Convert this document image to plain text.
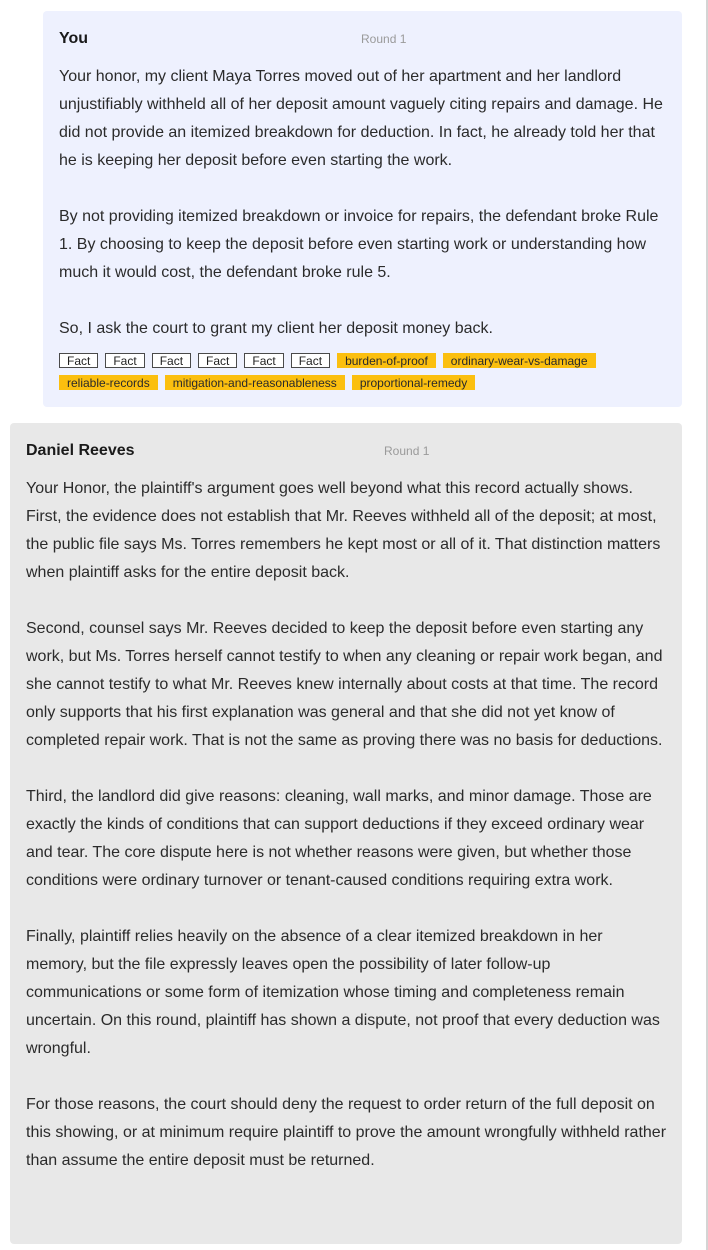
You	Round 1

Your honor, my client Maya Torres moved out of her apartment and her landlord unjustifiably withheld all of her deposit amount vaguely citing repairs and damage. He did not provide an itemized breakdown for deduction. In fact, he already told her that he is keeping her deposit before even starting the work.

By not providing itemized breakdown or invoice for repairs, the defendant broke Rule 1. By choosing to keep the deposit before even starting work or understanding how much it would cost, the defendant broke rule 5.

So, I ask the court to grant my client her deposit money back.

Fact	Fact	Fact	Fact	Fact	Fact	burden-of-proof	ordinary-wear-vs-damage
reliable-records	mitigation-and-reasonableness	proportional-remedy
Daniel Reeves	Round 1

Your Honor, the plaintiff's argument goes well beyond what this record actually shows. First, the evidence does not establish that Mr. Reeves withheld all of the deposit; at most, the public file says Ms. Torres remembers he kept most or all of it. That distinction matters when plaintiff asks for the entire deposit back.

Second, counsel says Mr. Reeves decided to keep the deposit before even starting any work, but Ms. Torres herself cannot testify to when any cleaning or repair work began, and she cannot testify to what Mr. Reeves knew internally about costs at that time. The record only supports that his first explanation was general and that she did not yet know of completed repair work. That is not the same as proving there was no basis for deductions.

Third, the landlord did give reasons: cleaning, wall marks, and minor damage. Those are exactly the kinds of conditions that can support deductions if they exceed ordinary wear and tear. The core dispute here is not whether reasons were given, but whether those conditions were ordinary turnover or tenant-caused conditions requiring extra work.

Finally, plaintiff relies heavily on the absence of a clear itemized breakdown in her memory, but the file expressly leaves open the possibility of later follow-up communications or some form of itemization whose timing and completeness remain uncertain. On this round, plaintiff has shown a dispute, not proof that every deduction was wrongful.

For those reasons, the court should deny the request to order return of the full deposit on this showing, or at minimum require plaintiff to prove the amount wrongfully withheld rather than assume the entire deposit must be returned.
